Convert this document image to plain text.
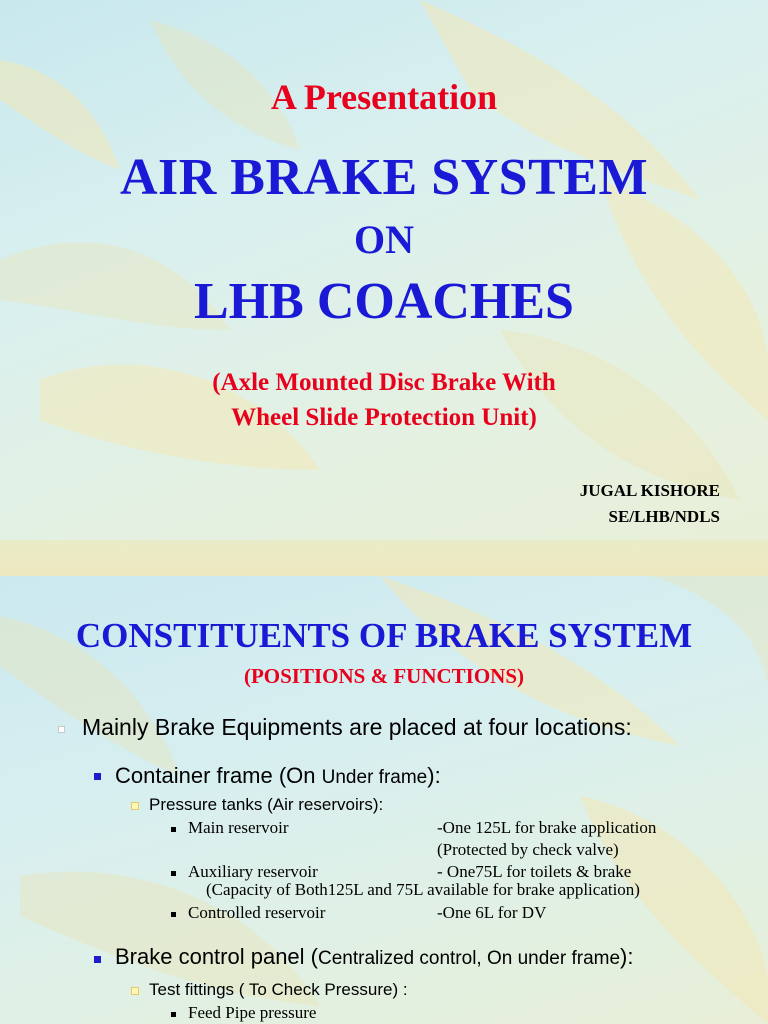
A Presentation
AIR BRAKE SYSTEM
ON
LHB COACHES
(Axle Mounted Disc Brake With
Wheel Slide Protection Unit)
JUGAL KISHORE
SE/LHB/NDLS
CONSTITUENTS OF BRAKE SYSTEM
(POSITIONS & FUNCTIONS)
Mainly Brake Equipments are placed at four locations:
Container frame (On Under frame):
Pressure tanks (Air reservoirs):
Main reservoir	-One 125L for brake application
(Protected by check valve)
Auxiliary reservoir	- One75L for toilets & brake
(Capacity of Both125L and 75L available for brake application)
Controlled reservoir	-One 6L for DV
Brake control panel (Centralized control, On under frame):
Test fittings ( To Check Pressure) :
Feed Pipe pressure
